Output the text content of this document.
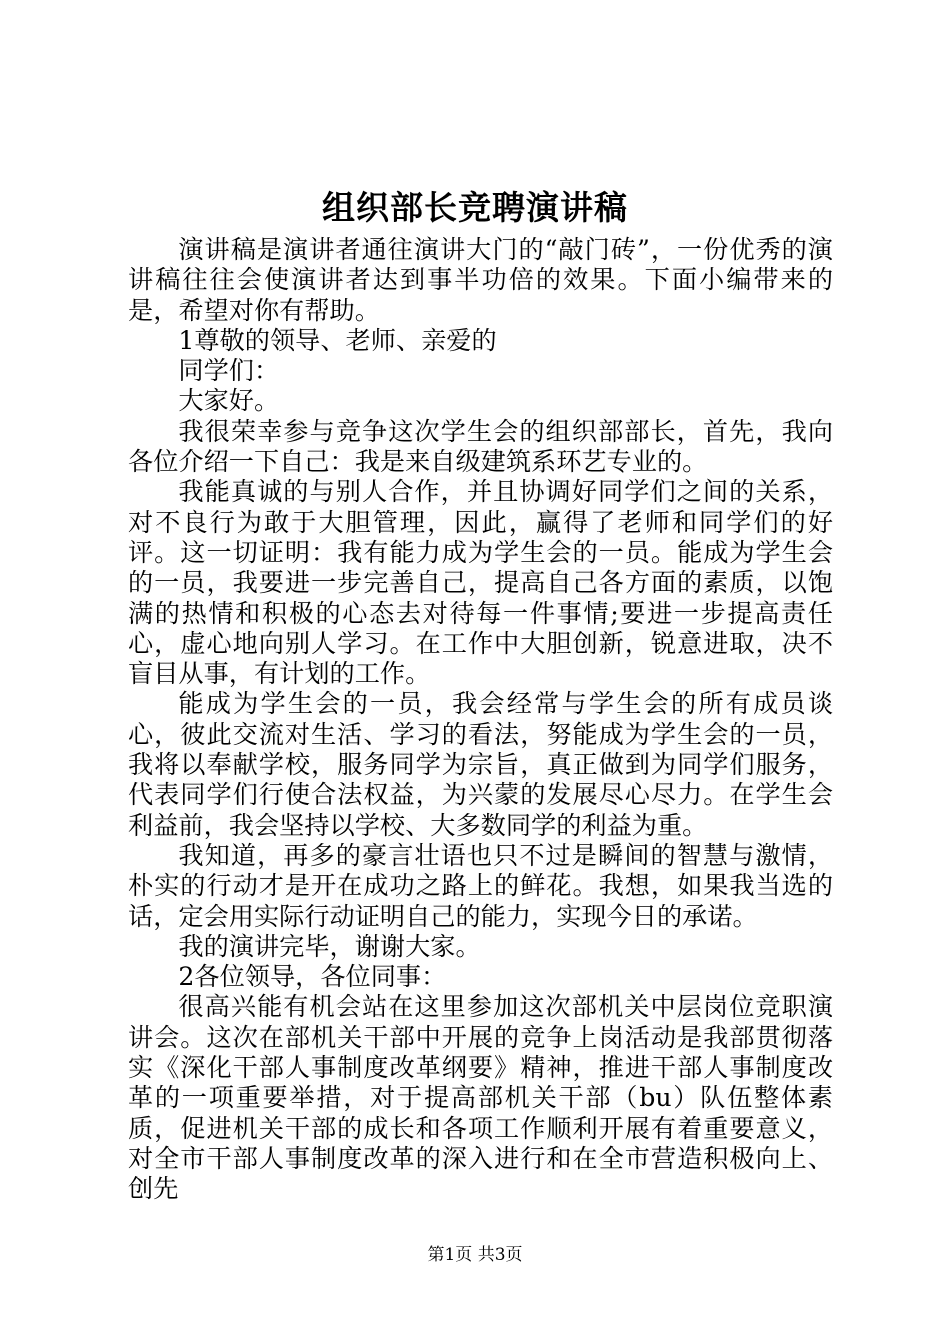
组织部长竞聘演讲稿

演讲稿是演讲者通往演讲大门的“敲门砖”，一份优秀的演讲稿往往会使演讲者达到事半功倍的效果。下面小编带来的是，希望对你有帮助。

1尊敬的领导、老师、亲爱的

同学们：

大家好。

我很荣幸参与竞争这次学生会的组织部部长，首先，我向各位介绍一下自己：我是来自级建筑系环艺专业的。

我能真诚的与别人合作，并且协调好同学们之间的关系，对不良行为敢于大胆管理，因此，赢得了老师和同学们的好评。这一切证明：我有能力成为学生会的一员。能成为学生会的一员，我要进一步完善自己，提高自己各方面的素质，以饱满的热情和积极的心态去对待每一件事情;要进一步提高责任心，虚心地向别人学习。在工作中大胆创新，锐意进取，决不盲目从事，有计划的工作。

能成为学生会的一员，我会经常与学生会的所有成员谈心，彼此交流对生活、学习的看法，努能成为学生会的一员，我将以奉献学校，服务同学为宗旨，真正做到为同学们服务，代表同学们行使合法权益，为兴蒙的发展尽心尽力。在学生会利益前，我会坚持以学校、大多数同学的利益为重。

我知道，再多的豪言壮语也只不过是瞬间的智慧与激情，朴实的行动才是开在成功之路上的鲜花。我想，如果我当选的话，定会用实际行动证明自己的能力，实现今日的承诺。

我的演讲完毕，谢谢大家。

2各位领导，各位同事：

很高兴能有机会站在这里参加这次部机关中层岗位竞职演讲会。这次在部机关干部中开展的竞争上岗活动是我部贯彻落实《深化干部人事制度改革纲要》精神，推进干部人事制度改革的一项重要举措，对于提高部机关干部（bu）队伍整体素质，促进机关干部的成长和各项工作顺利开展有着重要意义，对全市干部人事制度改革的深入进行和在全市营造积极向上、创先

第1页 共3页
